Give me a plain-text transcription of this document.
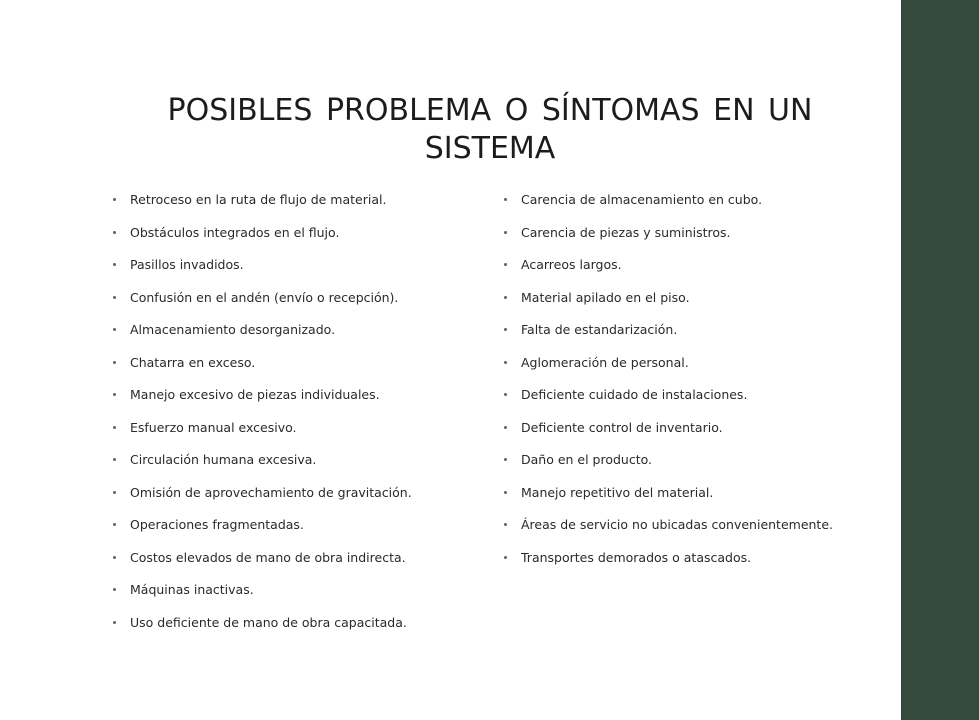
POSIBLES PROBLEMA O SÍNTOMAS EN UN SISTEMA
Retroceso en la ruta de flujo de material.
Obstáculos integrados en el flujo.
Pasillos invadidos.
Confusión en el andén (envío o recepción).
Almacenamiento desorganizado.
Chatarra en exceso.
Manejo excesivo de piezas individuales.
Esfuerzo manual excesivo.
Circulación humana excesiva.
Omisión de aprovechamiento de gravitación.
Operaciones fragmentadas.
Costos elevados de mano de obra indirecta.
Máquinas inactivas.
Uso deficiente de mano de obra capacitada.
Carencia de almacenamiento en cubo.
Carencia de piezas y suministros.
Acarreos largos.
Material apilado en el piso.
Falta de estandarización.
Aglomeración de personal.
Deficiente cuidado de instalaciones.
Deficiente control de inventario.
Daño en el producto.
Manejo repetitivo del material.
Áreas de servicio no ubicadas convenientemente.
Transportes demorados o atascados.
